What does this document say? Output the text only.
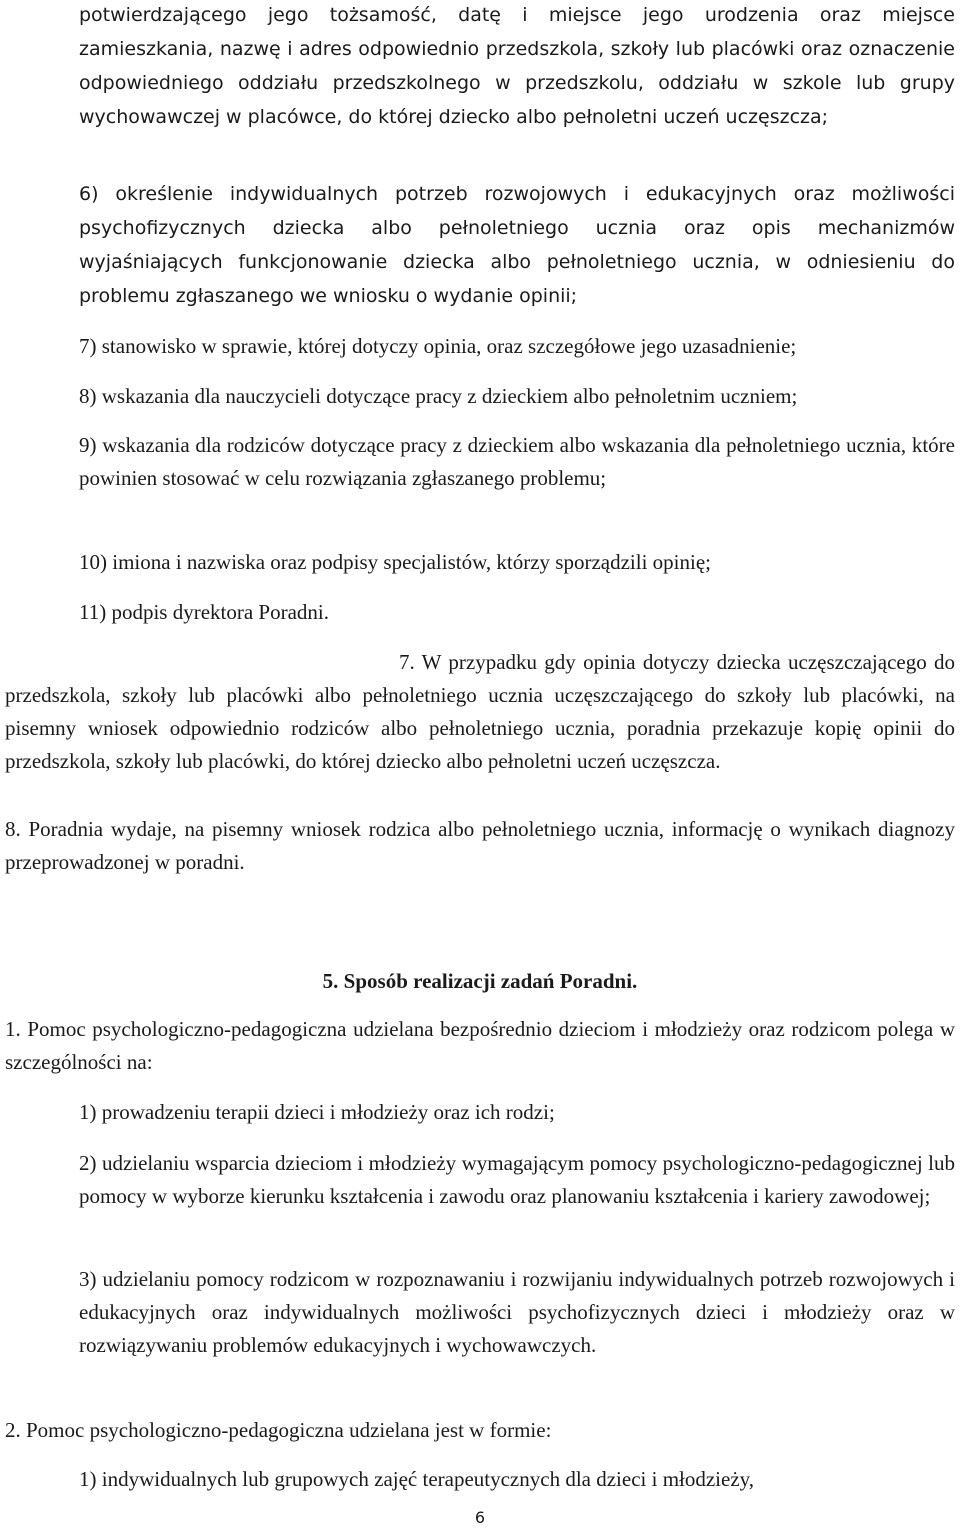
potwierdzającego jego tożsamość, datę i miejsce jego urodzenia oraz miejsce zamieszkania, nazwę i adres odpowiednio przedszkola, szkoły lub placówki oraz oznaczenie odpowiedniego oddziału przedszkolnego w przedszkolu, oddziału w szkole lub grupy wychowawczej w placówce, do której dziecko albo pełnoletni uczeń uczęszcza;

6) określenie indywidualnych potrzeb rozwojowych i edukacyjnych oraz możliwości psychofizycznych dziecka albo pełnoletniego ucznia oraz opis mechanizmów wyjaśniających funkcjonowanie dziecka albo pełnoletniego ucznia, w odniesieniu do problemu zgłaszanego we wniosku o wydanie opinii;

7) stanowisko w sprawie, której dotyczy opinia, oraz szczegółowe jego uzasadnienie;

8) wskazania dla nauczycieli dotyczące pracy z dzieckiem albo pełnoletnim uczniem;

9) wskazania dla rodziców dotyczące pracy z dzieckiem albo wskazania dla pełnoletniego ucznia, które powinien stosować w celu rozwiązania zgłaszanego problemu;

10) imiona i nazwiska oraz podpisy specjalistów, którzy sporządzili opinię;

11) podpis dyrektora Poradni.

7. W przypadku gdy opinia dotyczy dziecka uczęszczającego do przedszkola, szkoły lub placówki albo pełnoletniego ucznia uczęszczającego do szkoły lub placówki, na pisemny wniosek odpowiednio rodziców albo pełnoletniego ucznia, poradnia przekazuje kopię opinii do przedszkola, szkoły lub placówki, do której dziecko albo pełnoletni uczeń uczęszcza.

8. Poradnia wydaje, na pisemny wniosek rodzica albo pełnoletniego ucznia, informację o wynikach diagnozy przeprowadzonej w poradni.

5. Sposób realizacji zadań Poradni.

1. Pomoc psychologiczno-pedagogiczna udzielana bezpośrednio dzieciom i młodzieży oraz rodzicom polega w szczególności na:

1) prowadzeniu terapii dzieci i młodzieży oraz ich rodzi;

2) udzielaniu wsparcia dzieciom i młodzieży wymagającym pomocy psychologiczno-pedagogicznej lub pomocy w wyborze kierunku kształcenia i zawodu oraz planowaniu kształcenia i kariery zawodowej;

3) udzielaniu pomocy rodzicom w rozpoznawaniu i rozwijaniu indywidualnych potrzeb rozwojowych i edukacyjnych oraz indywidualnych możliwości psychofizycznych dzieci i młodzieży oraz w rozwiązywaniu problemów edukacyjnych i wychowawczych.

2. Pomoc psychologiczno-pedagogiczna udzielana jest w formie:

1) indywidualnych lub grupowych zajęć terapeutycznych dla dzieci i młodzieży,

6
